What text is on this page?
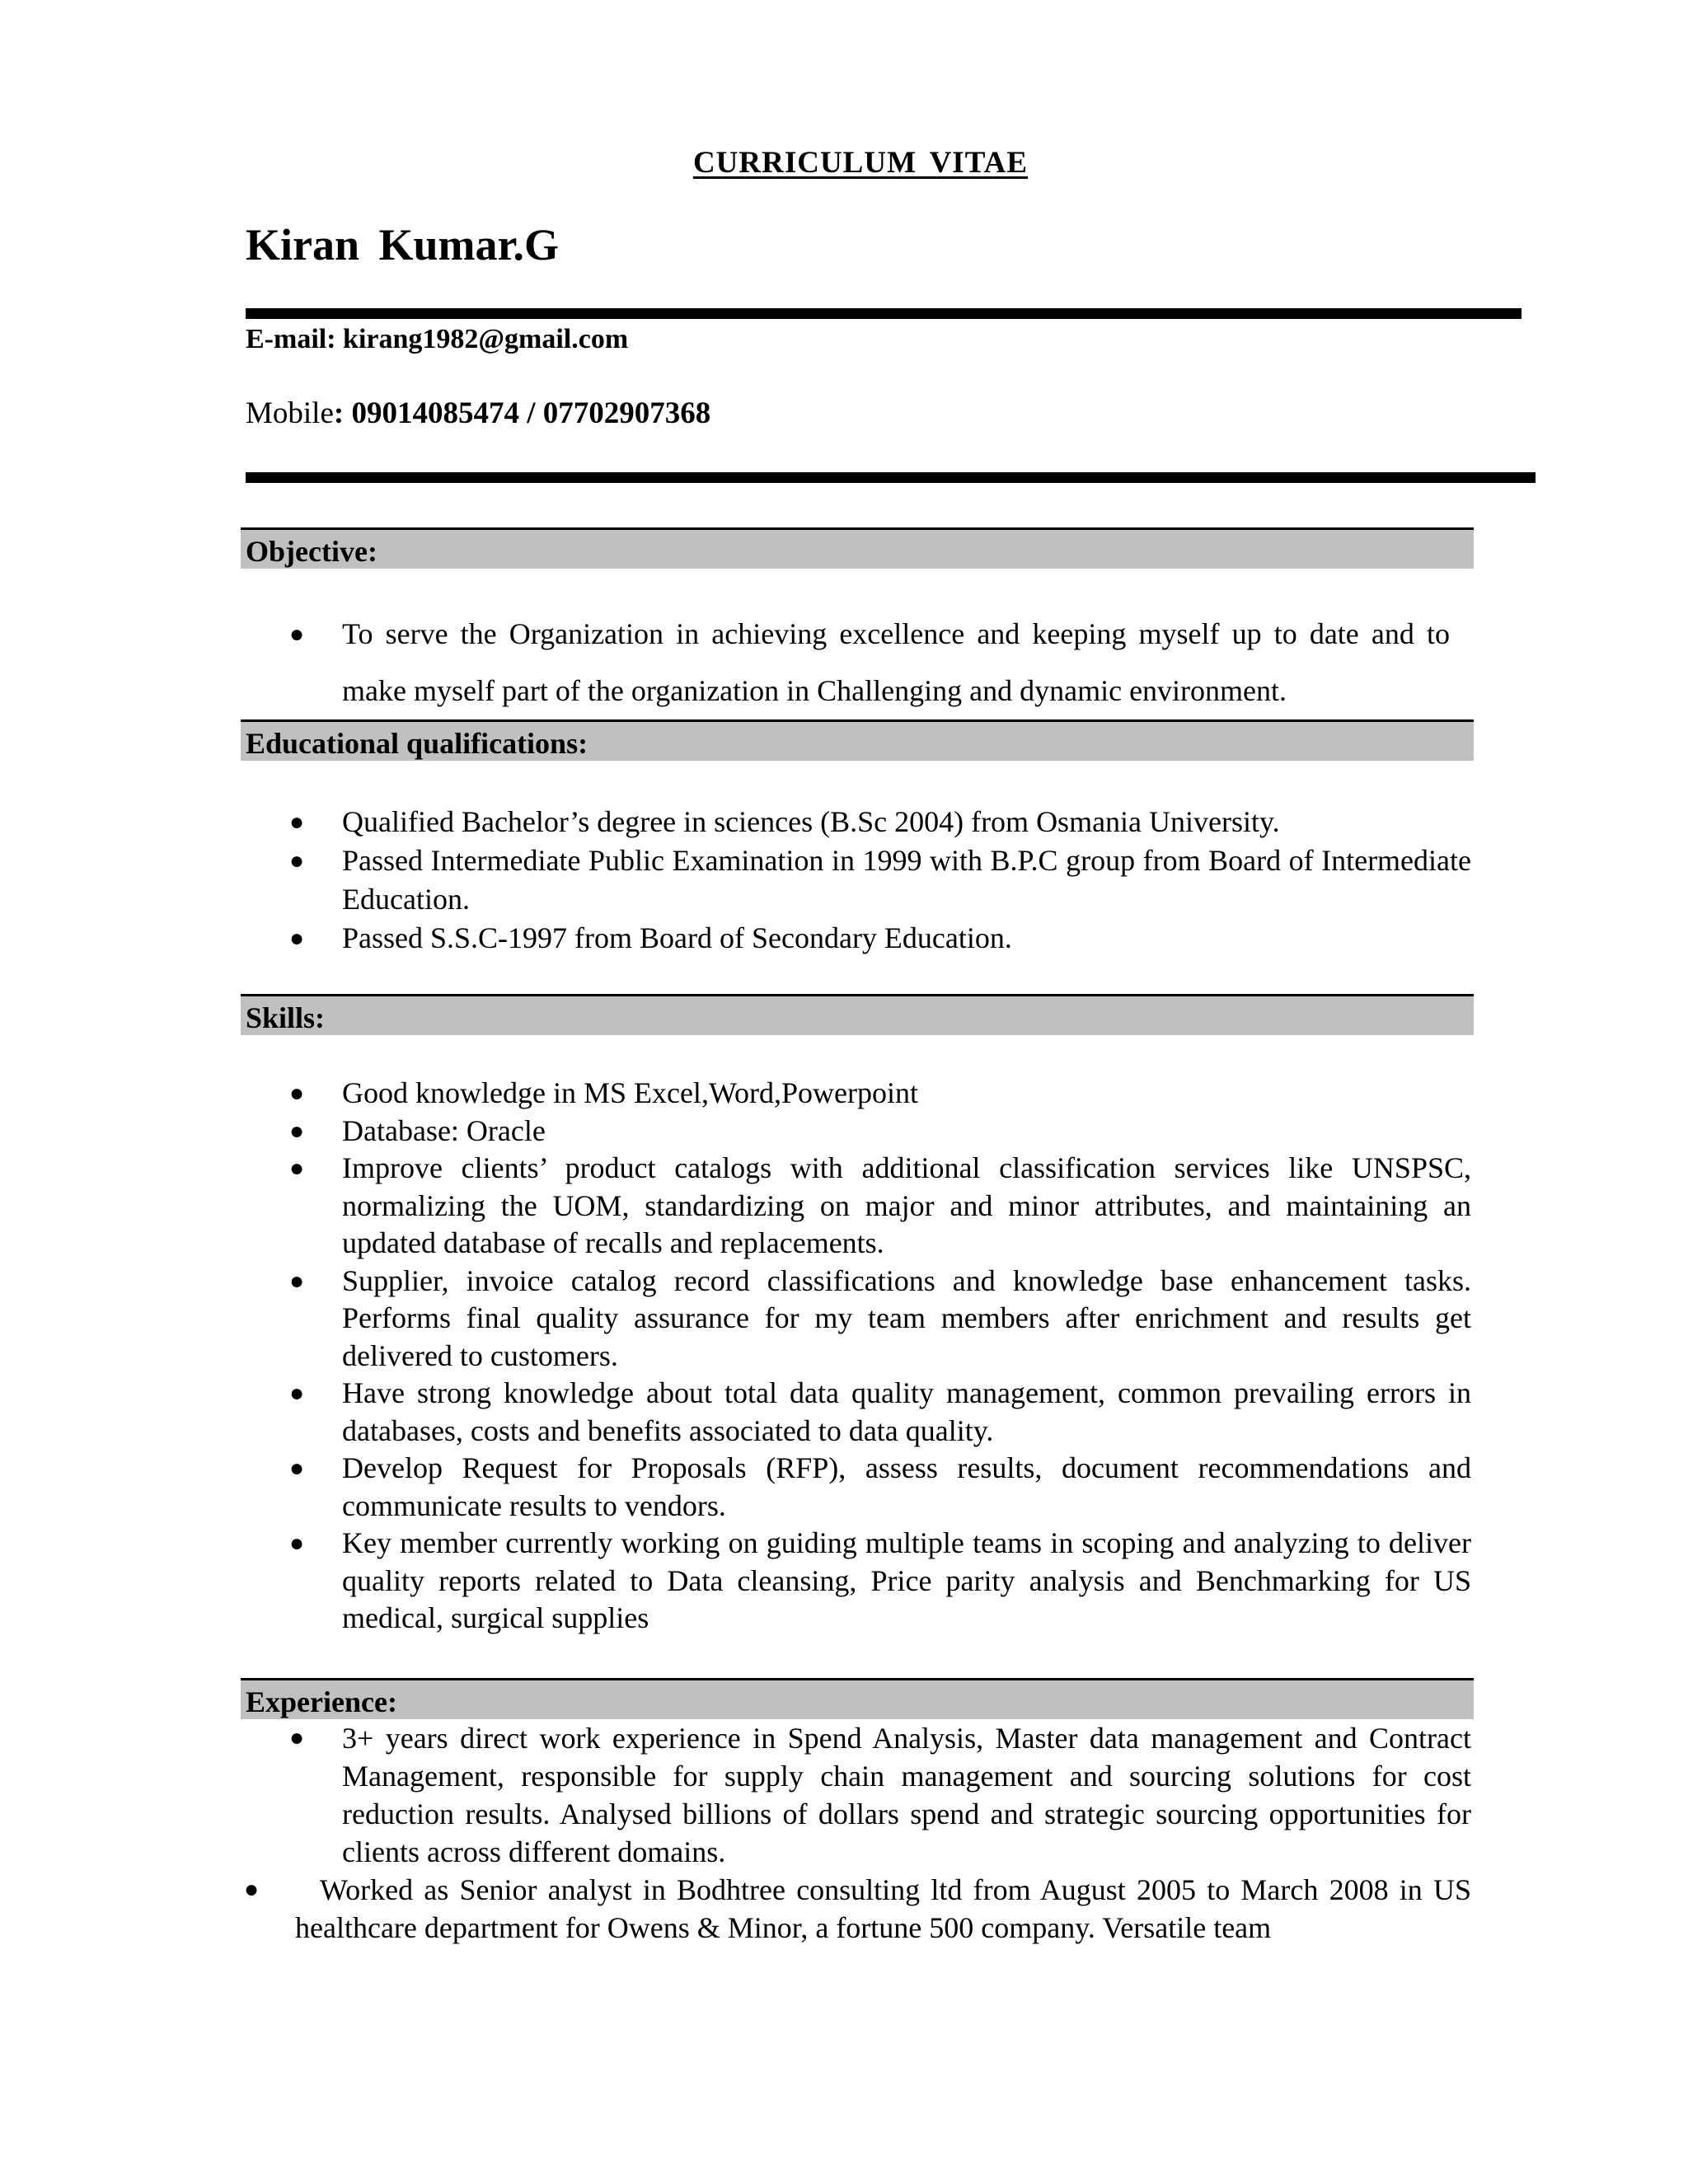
CURRICULUM VITAE
Kiran Kumar.G
E-mail: kirang1982@gmail.com
Mobile: 09014085474 / 07702907368
Objective:
● To serve the Organization in achieving excellence and keeping myself up to date and to make myself part of the organization in Challenging and dynamic environment.
Educational qualifications:
● Qualified Bachelor’s degree in sciences (B.Sc 2004) from Osmania University.
● Passed Intermediate Public Examination in 1999 with B.P.C group from Board of Intermediate Education.
● Passed S.S.C-1997 from Board of Secondary Education.
Skills:
● Good knowledge in MS Excel,Word,Powerpoint
● Database: Oracle
● Improve clients’ product catalogs with additional classification services like UNSPSC, normalizing the UOM, standardizing on major and minor attributes, and maintaining an updated database of recalls and replacements.
● Supplier, invoice catalog record classifications and knowledge base enhancement tasks. Performs final quality assurance for my team members after enrichment and results get delivered to customers.
● Have strong knowledge about total data quality management, common prevailing errors in databases, costs and benefits associated to data quality.
● Develop Request for Proposals (RFP), assess results, document recommendations and communicate results to vendors.
● Key member currently working on guiding multiple teams in scoping and analyzing to deliver quality reports related to Data cleansing, Price parity analysis and Benchmarking for US medical, surgical supplies
Experience:
● 3+ years direct work experience in Spend Analysis, Master data management and Contract Management, responsible for supply chain management and sourcing solutions for cost reduction results. Analysed billions of dollars spend and strategic sourcing opportunities for clients across different domains.
●	Worked as Senior analyst in Bodhtree consulting ltd from August 2005 to March 2008 in US healthcare department for Owens & Minor, a fortune 500 company. Versatile team
